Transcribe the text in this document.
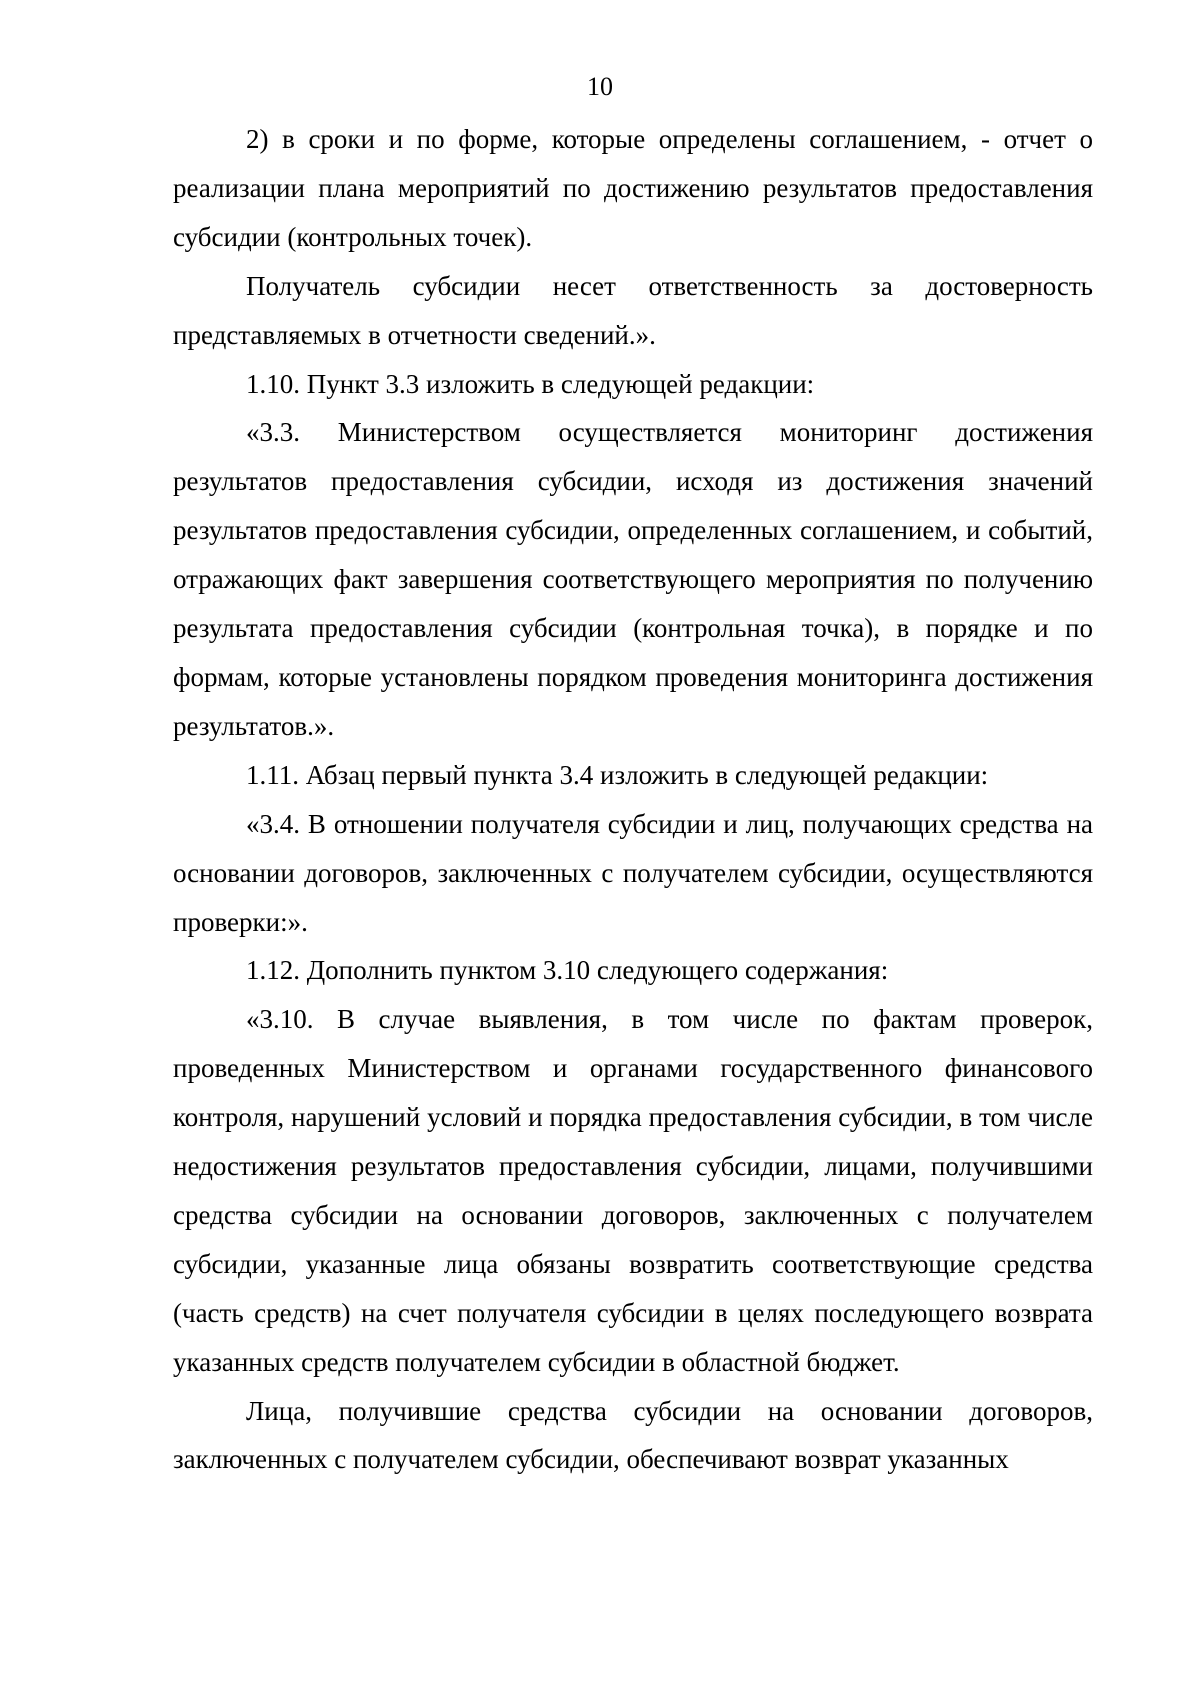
10

2) в сроки и по форме, которые определены соглашением, - отчет о реализации плана мероприятий по достижению результатов предоставления субсидии (контрольных точек).

Получатель субсидии несет ответственность за достоверность представляемых в отчетности сведений.».

1.10. Пункт 3.3 изложить в следующей редакции:

«3.3. Министерством осуществляется мониторинг достижения результатов предоставления субсидии, исходя из достижения значений результатов предоставления субсидии, определенных соглашением, и событий, отражающих факт завершения соответствующего мероприятия по получению результата предоставления субсидии (контрольная точка), в порядке и по формам, которые установлены порядком проведения мониторинга достижения результатов.».

1.11. Абзац первый пункта 3.4 изложить в следующей редакции:

«3.4. В отношении получателя субсидии и лиц, получающих средства на основании договоров, заключенных с получателем субсидии, осуществляются проверки:».

1.12. Дополнить пунктом 3.10 следующего содержания:

«3.10. В случае выявления, в том числе по фактам проверок, проведенных Министерством и органами государственного финансового контроля, нарушений условий и порядка предоставления субсидии, в том числе недостижения результатов предоставления субсидии, лицами, получившими средства субсидии на основании договоров, заключенных с получателем субсидии, указанные лица обязаны возвратить соответствующие средства (часть средств) на счет получателя субсидии в целях последующего возврата указанных средств получателем субсидии в областной бюджет.

Лица, получившие средства субсидии на основании договоров, заключенных с получателем субсидии, обеспечивают возврат указанных
